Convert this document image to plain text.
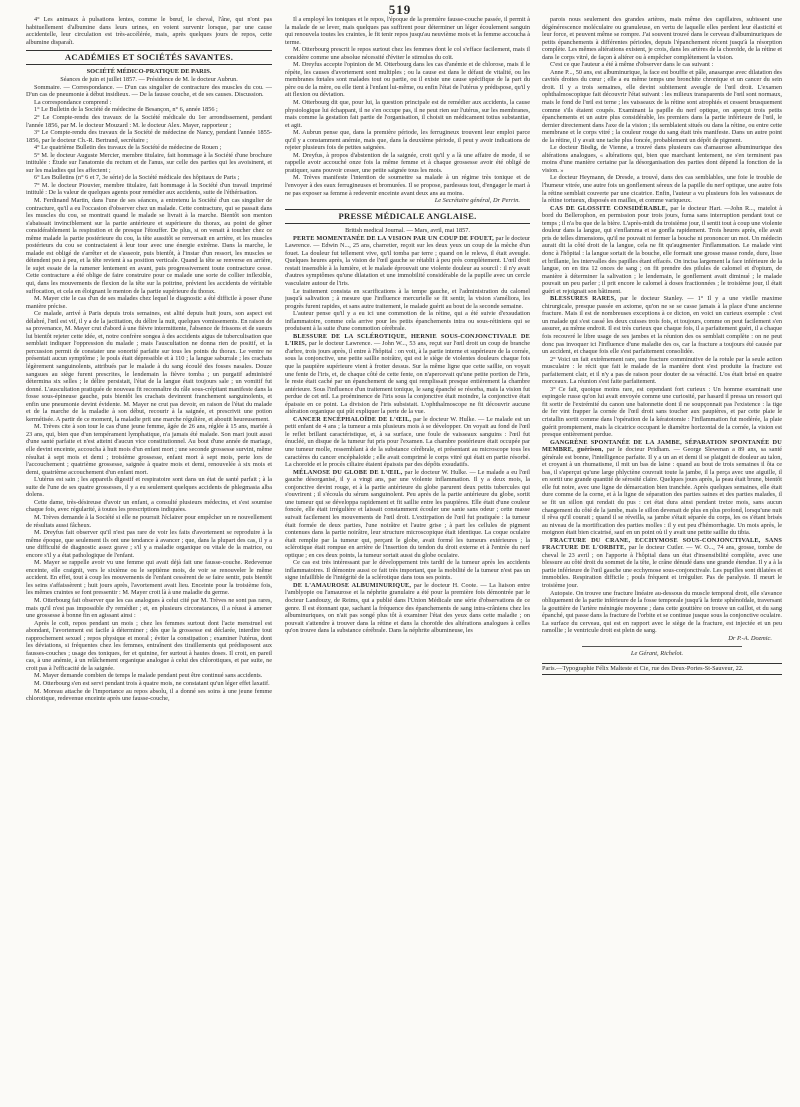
519

4° Les animaux à pulsations lentes, comme le bœuf, le cheval, l'âne, qui n'ont pas habituellement d'albumine dans leurs urines, en voient survenir lorsque, par une cause accidentelle, leur circulation est très-accélérée, mais, après quelques jours de repos, cette albumine disparaît.

ACADÉMIES ET SOCIÉTÉS SAVANTES.
SOCIÉTÉ MÉDICO-PRATIQUE DE PARIS.
Séances de juin et juillet 1857. — Présidence de M. le docteur Aubrun.

Sommaire. — Correspondance. — D'un cas singulier de contracture des muscles du cou. — D'un cas de pneumonie à début insidieux. — De la fausse couche, et de ses causes. Discussion.

La correspondance comprend :

1° Le Bulletin de la Société de médecine de Besançon, n° 6, année 1856 ;

2° Le Compte-rendu des travaux de la Société médicale du 1er arrondissement, pendant l'année 1856, par M. le docteur Mouzard : M. le docteur Alex. Mayer, rapporteur ;

3° Le Compte-rendu des travaux de la Société de médecine de Nancy, pendant l'année 1855-1856, par le docteur Ch.-R. Bertrand, secrétaire ;

4° Le quatrième Bulletin des travaux de la Société de médecine de Rouen ;

5° M. le docteur Auguste Mercier, membre titulaire, fait hommage à la Société d'une brochure intitulée : Étude sur l'anatomie du rectum et de l'anus, sur celle des parties qui les avoisinent, et sur les maladies qui les affectent ;

6° Les Bulletins (n° 6 et 7, 3e série) de la Société médicale des hôpitaux de Paris ;

7° M. le docteur Piouvier, membre titulaire, fait hommage à la Société d'un travail imprimé intitulé : De la valeur de quelques agents pour remédier aux accidents, suite de l'éthérisation.

M. Ferdinand Martin, dans l'une de ses séances, a entretenu la Société d'un cas singulier de contracture, qu'il a eu l'occasion d'observer chez un malade. Cette contracture, qui se passait dans les muscles du cou, se montrait quand le malade se livrait à la marche. Bientôt son menton s'abaissait invinciblement sur la partie antérieure et supérieure du thorax, au point de gêner considérablement la respiration et de presque l'étouffer. De plus, si on venait à toucher chez ce même malade la partie postérieure du cou, la tête aussitôt se renversait en arrière, et les muscles postérieurs du cou se contractaient à leur tour avec une énergie extrême. Dans la marche, le malade est obligé de s'arrêter et de s'asseoir, puis bientôt, à l'instar d'un ressort, les muscles se détendent peu à peu, et la tête revient à sa position verticale. Quand la tête se renverse en arrière, le sujet essaie de la ramener lentement en avant, puis progressivement toute contracture cesse. Cette contracture a été oblige de faire construire pour ce malade une sorte de collier inflexible, qui, dans les mouvements de flexion de la tête sur la poitrine, prévient les accidents de véritable suffocation, et cela en éloignant le menton de la partie supérieure du thorax.

M. Mayer cite le cas d'un de ses malades chez lequel le diagnostic a été difficile à poser d'une manière précise.

Ce malade, arrivé à Paris depuis trois semaines, est alité depuis huit jours, son aspect est délabré, l'œil est vif, il y a de la jactitation, du délire la nuit, quelques vomissements. En raison de sa provenance, M. Mayer crut d'abord à une fièvre intermittente, l'absence de frissons et de sueurs lui bientôt rejeter cette idée, et, notre confrère songea à des accidents aigus de tuberculisation que semblait indiquer l'oppression du malade ; mais l'auscultation ne donna rien de positif, et la percussion permit de constater une sonorité parfaite sur tous les points du thorax. Le ventre ne présentait aucun symptôme ; le pouls était dépressible et à 110 ; la langue saburrale ; les crachats légèrement sanguinolents, attribués par le malade à du sang écoulé des fosses nasales. Douze sangsues au siège furent prescrites, le lendemain la fièvre tomba ; un purgatif administré détermina six selles ; le délire persistait, l'état de la langue était toujours sale ; un vomitif fut donné. L'auscultation pratiquée de nouveau fit reconnaître du râle sous-crépitant manifeste dans la fosse sous-épineuse gauche, puis bientôt les crachats devinrent franchement sanguinolents, et enfin une pneumonie devint évidente. M. Mayer ne crut pas devoir, en raison de l'état du malade et de la marche de la maladie à son début, recourir à la saignée, et prescrivit une potion kermétisée. A partir de ce moment, la maladie prit une marche régulière, et aboutit heureusement.

M. Trèves cite à son tour le cas d'une jeune femme, âgée de 26 ans, réglée à 15 ans, mariée à 23 ans, qui, bien que d'un tempérament lymphatique, n'a jamais été malade. Son mari jouit aussi d'une santé parfaite et n'est atteint d'aucun vice constitutionnel. Au bout d'une année de mariage, elle devint enceinte, accoucha à huit mois d'un enfant mort ; une seconde grossesse survint, même résultat à sept mois et demi ; troisième grossesse, enfant mort à sept mois, perte lors de l'accouchement ; quatrième grossesse, saignée à quatre mois et demi, renouvelée à six mois et demi, quatrième accouchement d'un enfant mort.

L'utérus est sain ; les appareils digestif et respiratoire sont dans un état de santé parfait ; à la suite de l'une de ses quatre grossesses, il y a eu seulement quelques accidents de phlegmasia alba dolens.

Cette dame, très-désireuse d'avoir un enfant, a consulté plusieurs médecins, et s'est soumise chaque fois, avec régularité, à toutes les prescriptions indiquées.

M. Trèves demande à la Société si elle ne pourrait l'éclairer pour empêcher un re nouvellement de résultats aussi fâcheux.

M. Dreyfus fait observer qu'il n'est pas rare de voir les faits d'avortement se reproduire à la même époque, que seulement ils ont une tendance à avancer ; que, dans la plupart des cas, il y a une difficulté de diagnostic assez grave ; s'il y a maladie organique ou vitale de la matrice, ou encore s'il y a état pathologique de l'enfant.

M. Mayer se rappelle avoir vu une femme qui avait déjà fait une fausse-couche. Redevenue enceinte, elle craignit, vers le sixième ou le septième mois, de voir se renouveler le même accident. En effet, tout à coup les mouvements de l'enfant cessèrent de se faire sentir, puis bientôt les seins s'affaissèrent ; huit jours après, l'avortement avait lieu. Enceinte pour la troisième fois, les mêmes craintes se font pressentir : M. Mayer croit là à une maladie du germe.

M. Otterbourg fait observer que les cas analogues à celui cité par M. Trèves ne sont pas rares, mais qu'il n'est pas impossible d'y remédier ; et, en plusieurs circonstances, il a réussi à amener une grossesse à bonne fin en agissant ainsi :

Après le coït, repos pendant un mois ; chez les femmes surtout dont l'acte menstruel est abondant, l'avortement est facile à déterminer ; dès que la grossesse est déclarée, interdire tout rapprochement sexuel ; repos physique et moral ; éviter la constipation ; examiner l'utérus, dont les déviations, si fréquentes chez les femmes, entraînent des tiraillements qui prédisposent aux fausses-couches ; usage des toniques, fer et quinine, fer surtout à hautes doses. Il croit, en pareil cas, à une anémie, à un relâchement organique analogue à celui des chlorotiques, et par suite, ne croit pas à l'efficacité de la saignée.

M. Mayer demande combien de temps le malade pendant peut être continué sans accidents.

M. Otterbourg s'en est servi pendant trois à quatre mois, ne constatant qu'un léger effet laxatif.

M. Moreau attache de l'importance au repos absolu, il a donné ses soins à une jeune femme chlorotique, redevenue enceinte après une fausse-couche,

Il a employé les toniques et le repos, l'époque de la première fausse-couche passée, il permit à la malade de se lever, mais quelques pas suffirent pour déterminer un léger écoulement sanguin qui renouvela toutes les craintes, le fit tenir repos jusqu'au neuvième mois et la femme accoucha à terme.

M. Otterbourg prescrit le repos surtout chez les femmes dont le col s'efface facilement, mais il considère comme une absolue nécessité d'éviter le stimulus du coït.

M. Dreyfus accepte l'opinion de M. Otterbourg dans les cas d'anémie et de chlorose, mais il le répète, les causes d'avortement sont multiples ; ou la cause est dans le défaut de vitalité, ou les membranes fœtales sont malades tout ou partie, ou il existe une cause spécifique de la part du père ou de la mère, ou elle tient à l'enfant lui-même, ou enfin l'état de l'utérus y prédispose, qu'il y ait flexion ou déviation.

M. Otterbourg dit que, pour lui, la question principale est de remédier aux accidents, la cause physiologique lui échappant, il ne s'en occupe pas, il ne peut rien sur l'utérus, sur les membranes, mais comme la gestation fait partie de l'organisation, il choisit un médicament totius substantiæ, et agit.

M. Aubrun pense que, dans la première période, les ferrugineux trouvent leur emploi parce qu'il y a constamment anémie, mais que, dans la deuxième période, il peut y avoir indications de rejeter plusieurs fois de petites saignées.

M. Dreyfus, à propos d'abstention de la saignée, croit qu'il y a là une affaire de mode, il se rappelle avoir accouché onze fois la même femme et à chaque grossesse avoir été obligé de pratiquer, sans pouvoir cesser, une petite saignée tous les mois.

M. Trèves manifeste l'intention de soumettre sa malade à un régime très tonique et de l'envoyer à des eaux ferrugineuses et bromurées. Il se propose, pardessus tout, d'engager le mari à ne pas exposer sa femme à redevenir enceinte avant deux ans au moins.

Le Secrétaire général, Dr Perrin.
PRESSE MÉDICALE ANGLAISE.
British medical Journal. — Mars, avril, mai 1857.

PERTE MOMENTANÉE DE LA VISION PAR UN COUP DE FOUET, par le docteur Lawrence. — Edwin N..., 25 ans, charretier, reçoit sur les deux yeux un coup de la mèche d'un fouet. La douleur fut tellement vive, qu'il tomba par terre ; quand on le releva, il était aveugle. Quelques heures après, la vision de l'œil gauche se rétablit à peu près complètement. L'œil droit restait insensible à la lumière, et le malade éprouvait une violente douleur au sourcil : il n'y avait d'autres symptômes qu'une dilatation et une immobilité considérable de la pupille avec un cercle vasculaire autour de l'iris.

Le traitement consista en scarifications à la tempe gauche, et l'administration du calomel jusqu'à salivation ; à mesure que l'influence mercurielle se fit sentir, la vision s'améliora, les progrès furent rapides, et sans autre traitement, le malade guérit au bout de la seconde semaine.

L'auteur pense qu'il y a eu ici une commotion de la rétine, qui a été suivie d'exsudation inflammatoire, comme cela arrive pour les petits épanchements intra ou sous-rétiniens qui se produisent à la suite d'une commotion cérébrale.

BLESSURE DE LA SCLÉROTIQUE, HERNIE SOUS-CONJONCTIVALE DE L'IRIS, par le docteur Lawrence. — John W..., 53 ans, reçut sur l'œil droit un coup de branche d'arbre, trois jours après, il entre à l'hôpital : on voit, à la partie interne et supérieure de la cornée, sous la conjonctive, une petite saillie noirâtre, qui est le siège de violentes douleurs chaque fois que la paupière supérieure vient à frotter dessus. Sur la même ligne que cette saillie, on voyait une fente de l'iris, et, de chaque côté de cette fente, on n'apercevait qu'une petite portion de l'iris, le reste était caché par un épanchement de sang qui remplissait presque entièrement la chambre antérieure. Sous l'influence d'un traitement tonique, le sang épanché se résorba, mais la vision fut perdue de cet œil. La proéminence de l'iris sous la conjonctive était moindre, la conjonctive était épaissie en ce point. La division de l'iris subsistait. L'ophthalmoscope ne fit découvrir aucune altération organique qui pût expliquer la perte de la vue.

CANCER ENCÉPHALOÏDE DE L'ŒIL, par le docteur W. Hulke. — Le malade est un petit enfant de 4 ans ; la tumeur a mis plusieurs mois à se développer. On voyait au fond de l'œil le reflet brillant caractéristique, et, à sa surface, une foule de vaisseaux sanguins : l'œil fut énucléé, un disque de la tumeur fut pris pour l'examen. La chambre postérieure était occupée par une tumeur molle, ressemblant à de la substance cérébrale, et présentant au microscope tous les caractères du cancer encéphaloïde ; elle avait comprimé le corps vitré qui était en partie résorbé. La choroïde et le procès ciliaire étaient épaissis par des dépôts exsudatifs.

MÉLANOSE DU GLOBE DE L'ŒIL, par le docteur W. Hulke. — Le malade a eu l'œil gauche désorganisé, il y a vingt ans, par une violente inflammation. Il y a deux mois, la conjonctive devint rouge, et à la partie antérieure du globe parurent deux petits tubercules qui s'ouvrirent ; il s'écoula du sérum sanguinolent. Peu après de la partie antérieure du globe, sortit une tumeur qui se développa rapidement et fit saillie entre les paupières. Elle était d'une couleur foncée, elle était irrégulière et laissait constamment écouler une sanie sans odeur ; cette masse suivait facilement les mouvements de l'œil droit. L'extirpation de l'œil fut pratiquée : la tumeur était formée de deux parties, l'une noirâtre et l'autre grise ; à part les cellules de pigment contenues dans la partie noirâtre, leur structure microscopique était identique. La coque oculaire était remplie par la tumeur qui, perçant le globe, avait formé les tumeurs extérieures ; la sclérotique était rompue en arrière de l'insertion du tendon du droit externe et à l'entrée du nerf optique ; en ces deux points, la tumeur sortait aussi du globe oculaire.

Ce cas est très intéressant par le développement très tardif de la tumeur après les accidents inflammatoires. Il démontre aussi ce fait très important, que la mobilité de la tumeur n'est pas un signe infaillible de l'intégrité de la sclérotique dans tous ses points.

DE L'AMAUROSE ALBUMINURIQUE, par le docteur H. Coote. — La liaison entre l'amblyopie ou l'amaurose et la néphrite granulaire a été pour la première fois démontrée par le docteur Landouzy, de Reims, qui a publié dans l'Union Médicale une série d'observations de ce genre. Il est étonnant que, sachant la fréquence des épanchements de sang intra-crâniens chez les albuminuriques, on n'ait pas songé plus tôt à examiner l'état des yeux dans cette maladie ; on pouvait s'attendre à trouver dans la rétine et dans la choroïde des altérations analogues à celles qu'on trouve dans la substance cérébrale. Dans la néphrite albumineuse, les

parois nous seulement des grandes artères, mais même des capillaires, subissent une dégénérescence moléculaire ou granuleuse, en vertu de laquelle elles perdent leur élasticité et leur force, et peuvent même se rompre. J'ai souvent trouvé dans le cerveau d'albuminuriques de petits épanchements à différentes périodes, depuis l'épanchement récent jusqu'à la résorption complète. Les mêmes altérations existent, je crois, dans les artères de la choroïde, de la rétine et dans le corps vitré, de façon à altérer ou à empêcher complètement la vision.

C'est ce que l'auteur a été à même d'observer dans le cas suivant :

Anne P..., 50 ans, est albuminurique, la face est bouffie et pâle, anasarque avec dilatation des cavités droites du cœur ; elle a eu même temps une bronchite chronique et un cancer du sein droit. Il y a trois semaines, elle devint subitement aveugle de l'œil droit. L'examen ophthalmoscopique fait découvrir l'état suivant : les milieux transparents de l'œil sont normaux, mais le fond de l'œil est terne ; les vaisseaux de la rétine sont atrophiés et cessent brusquement comme s'ils étaient coupés. Examinant la papille du nerf optique, on aperçut trois petits épanchements et un autre plus considérable, les premiers dans la partie inférieure de l'œil, le dernier directement dans l'axe de la vision ; ils semblaient situés ou dans la rétine, ou entre cette membrane et le corps vitré ; la couleur rouge du sang était très manifeste. Dans un autre point de la rétine, il y avait une tache plus foncée, probablement un dépôt de pigment.

Le docteur Bisdig, de Vienne, a trouvé dans plusieurs cas d'amaurose albuminurique des altérations analogues, « altérations qui, bien que marchant lentement, ne s'en terminent pas moins d'une manière certaine par la désorganisation des parties dont dépend la fonction de la vision. »

Le docteur Heymann, de Dresde, a trouvé, dans des cas semblables, une foie le trouble de l'humeur vitrée, une autre fois un gonflement séreux de la papille du nerf optique, une autre fois la rétine semblait couverte par une cicatrice. Enfin, l'auteur a vu plusieurs fois les vaisseaux de la rétine tortueux, disposés en mailles, et comme variqueux.

CAS DE GLOSSITE CONSIDÉRABLE, par le docteur Hart. —John R..., matelot à bord du Bellerophon, en permission pour trois jours, fuma sans interruption pendant tout ce temps ; il n'a bu que de la bière. L'après-midi du troisième jour, il sentit tout à coup une violente douleur dans la langue, qui s'enflamma et se gonfla rapidement. Trois heures après, elle avait pris de telles dimensions, qu'il ne pouvait ni fermer la bouche ni prononcer un mot. Un médecin aurait dit la côté droit de la langue, cela ne fit qu'augmenter l'inflammation. Le malade vint donc à l'hôpital : la langue sortait de la bouche, elle formait une grosse masse ronde, dure, lisse et brillante, les intervalles des papilles étant effacés. On incisa largement la face inférieure de la langue, on en tira 12 onces de sang ; on fit prendre des pilules de calomel et d'opium, de manière à déterminer la salivation ; le lendemain, le gonflement avait diminué ; le malade pouvait un peu parler ; il prit encore le calomel à doses fractionnées ; le troisième jour, il était guéri et rejoignait son bâtiment.

BLESSURES RARES, par le docteur Stanley. — 1° Il y a une vieille maxime chirurgicale, presque passée en axiome, qu'on ne se se casse jamais à la place d'une ancienne fracture. Mais il est de nombreuses exceptions à ce dicton, en voici un curieux exemple : c'est un malade qui s'est cassé les deux cuisses trois fois, et toujours, comme on peut facilement s'en assurer, au même endroit. Il est très curieux que chaque fois, il a parfaitement guéri, il a chaque fois recouvré le libre usage de ses jambes et la réunion des os semblait complète : on ne peut donc pas invoquer ici l'influence d'une maladie des os, car la fracture a toujours été causée par un accident, et chaque fois elle s'est parfaitement consolidée.

2° Voici un fait extrêmement rare, une fracture comminutive de la rotule par la seule action musculaire : le récit que fait le malade de la manière dont s'est produite la fracture est parfaitement clair, et il n'y a pas de raison pour douter de sa véracité. L'os était brisé en quatre morceaux. La réunion s'est faite parfaitement.

3° Ce fait, quoique moins rare, est cependant fort curieux : Un homme examinait une espingole russe qu'on lui avait envoyée comme une curiosité, par hasard il pressa un ressort qui fit sortir de l'extrémité du canon une baïonnette dont il ne soupçonnait pas l'existence : la tige de fer vint frapper la cornée de l'œil droit sans toucher aux paupières, et par cette plaie le cristallin sortit comme dans l'opération de la kératotomie : l'inflammation fut modérée, la plaie guérit promptement, mais la cicatrice occupant le diamètre horizontal de la cornée, la vision est presque entièrement perdue.

GANGRÈNE SPONTANÉE DE LA JAMBE, SÉPARATION SPONTANÉE DU MEMBRE, guérison, par le docteur Pridham. — George Slewenan a 89 ans, sa santé générale est bonne, l'intelligence parfaite. Il y a un an et demi il se plaignit de douleur au talon, et croyant à un rhumatisme, il mit un bas de laine : quand au bout de trois semaines il ôta ce bas, il s'aperçut qu'une large phlyctène couvrait toute la jambe, il la perça avec une aiguille, il en sortit une grande quantité de sérosité claire. Quelques jours après, la peau était brune, bientôt elle fut noire, avec une ligne de démarcation bien tranchée. Après quelques semaines, elle était dure comme de la corne, et à la ligne de séparation des parties saines et des parties malades, il se fit un sillon qui rendait du pus : cet état dura ainsi pendant treize mois, sans aucun changement du côté de la jambe, mais le sillon devenait de plus en plus profond, lorsqu'une nuit il rêva qu'il courait ; quand il se réveilla, sa jambe s'était séparée du corps, les os s'étant brisés au niveau de la mortification des parties molles : il y eut peu d'hémorrhagie. Un mois après, le moignon était bien cicatrisé, sauf en un point où il y avait une petite saillie du tibia.

FRACTURE DU CRANE, ECCHYMOSE SOUS-CONJONCTIVALE, SANS FRACTURE DE L'ORBITE, par le docteur Cutler. — W. O..., 74 ans, grosse, tombe de cheval le 23 avril ; on l'apporte à l'hôpital dans un état d'insensibilité complète, avec une blessure au côté droit du sommet de la tête, le crâne dénudé dans une grande étendue. Il y a à la partie inférieure de l'œil gauche une ecchymose sous-conjonctivale. Les pupilles sont dilatées et immobiles. Respiration difficile ; pouls fréquent et irrégulier. Pas de paralysie. Il meurt le troisième jour.

Autopsie. On trouve une fracture linéaire au-dessous du muscle temporal droit, elle s'avance obliquement de la partie inférieure de la fosse temporale jusqu'à la fente sphénoïdale, traversant la gouttière de l'artère méningée moyenne ; dans cette gouttière on trouve un caillot, et du sang épanché, qui passe dans la fracture de l'orbite et se continue jusque sous la conjonctive oculaire. La surface du cerveau, qui est en rapport avec le siège de la fracture, est injectée et un peu ramollie ; le ventricule droit est plein de sang.

Dr P.-A. Dozmic.
Le Gérant, Richelot.
Paris.—Typographie Félix Malteste et Cie, rue des Deux-Portes-St-Sauveur, 22.
